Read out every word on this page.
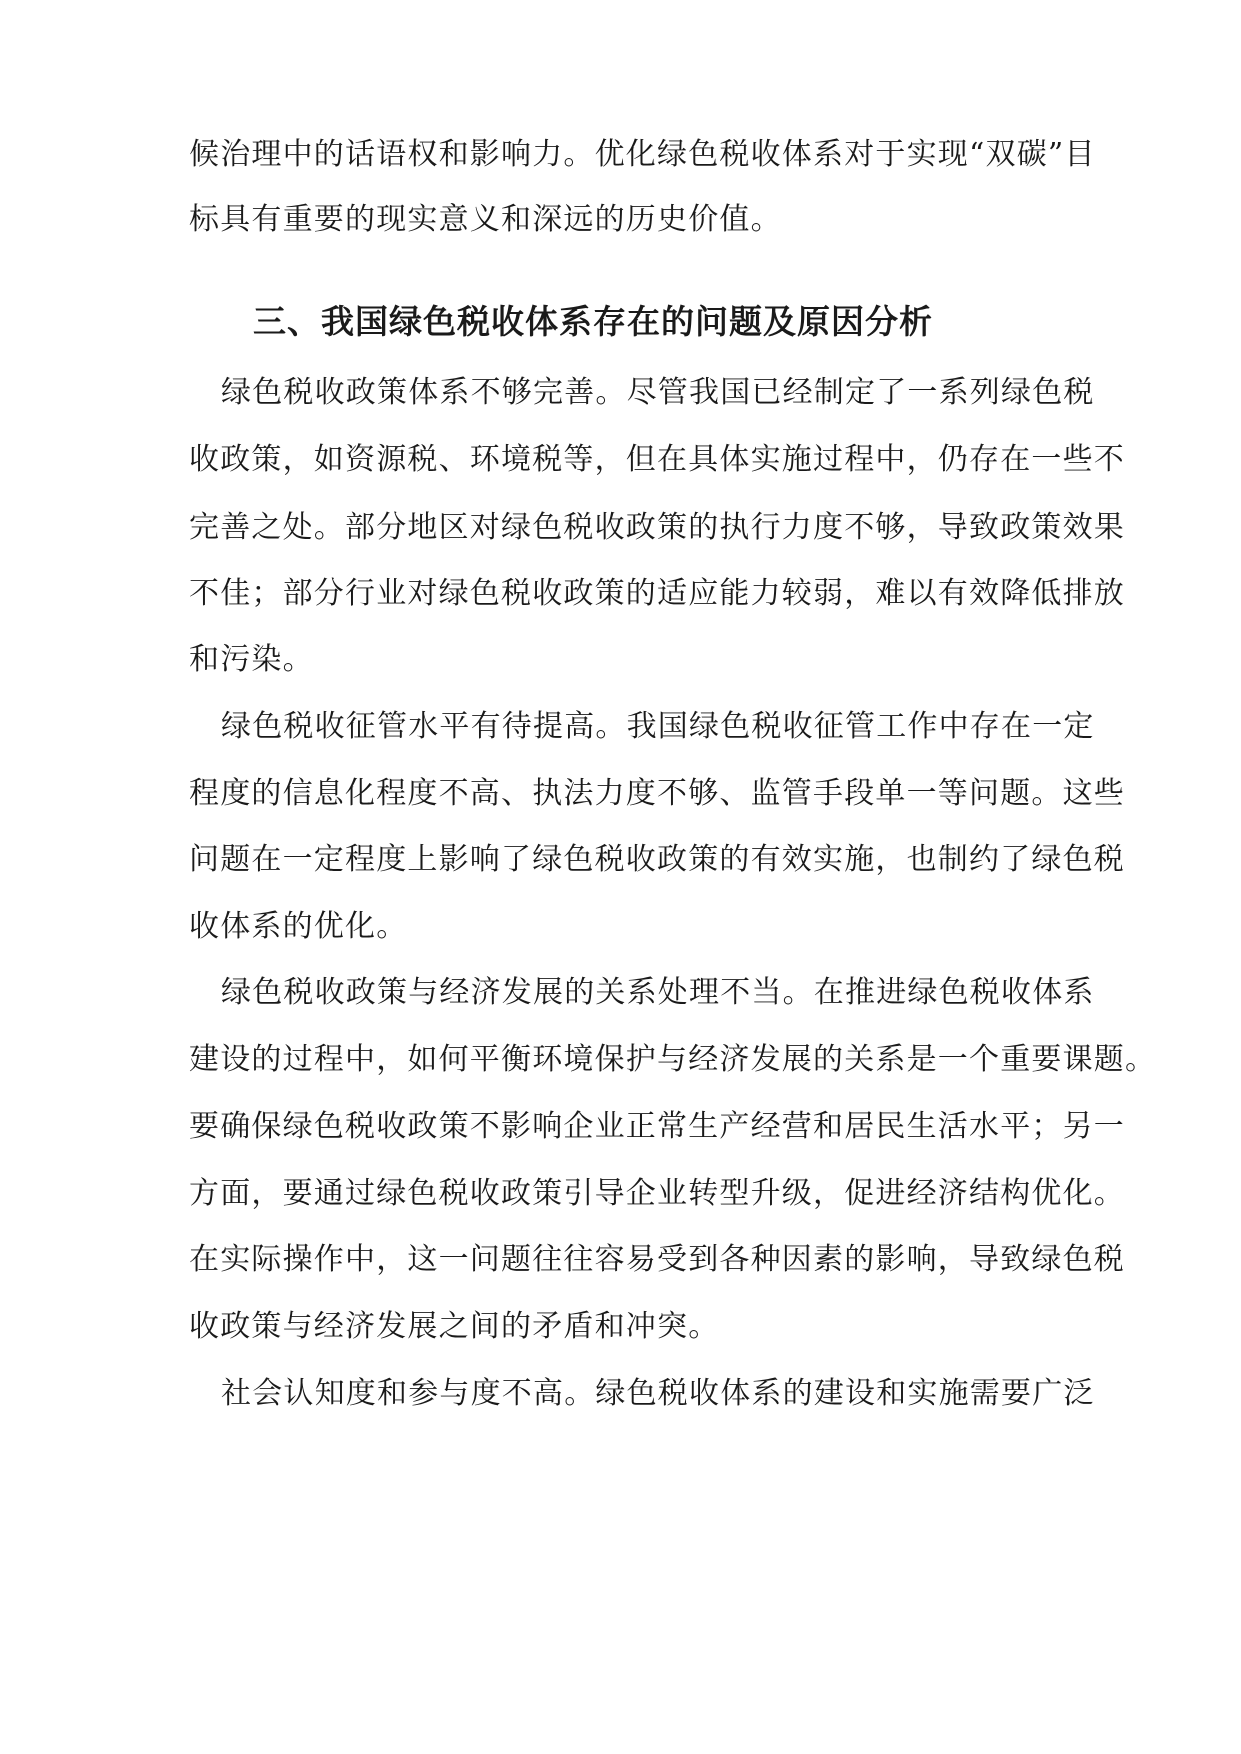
候治理中的话语权和影响力。优化绿色税收体系对于实现“双碳”目
标具有重要的现实意义和深远的历史价值。
三、我国绿色税收体系存在的问题及原因分析
绿色税收政策体系不够完善。尽管我国已经制定了一系列绿色税
收政策，如资源税、环境税等，但在具体实施过程中，仍存在一些不
完善之处。部分地区对绿色税收政策的执行力度不够，导致政策效果
不佳；部分行业对绿色税收政策的适应能力较弱，难以有效降低排放
和污染。
绿色税收征管水平有待提高。我国绿色税收征管工作中存在一定
程度的信息化程度不高、执法力度不够、监管手段单一等问题。这些
问题在一定程度上影响了绿色税收政策的有效实施，也制约了绿色税
收体系的优化。
绿色税收政策与经济发展的关系处理不当。在推进绿色税收体系
建设的过程中，如何平衡环境保护与经济发展的关系是一个重要课题。
要确保绿色税收政策不影响企业正常生产经营和居民生活水平；另一
方面，要通过绿色税收政策引导企业转型升级，促进经济结构优化。
在实际操作中，这一问题往往容易受到各种因素的影响，导致绿色税
收政策与经济发展之间的矛盾和冲突。
社会认知度和参与度不高。绿色税收体系的建设和实施需要广泛
